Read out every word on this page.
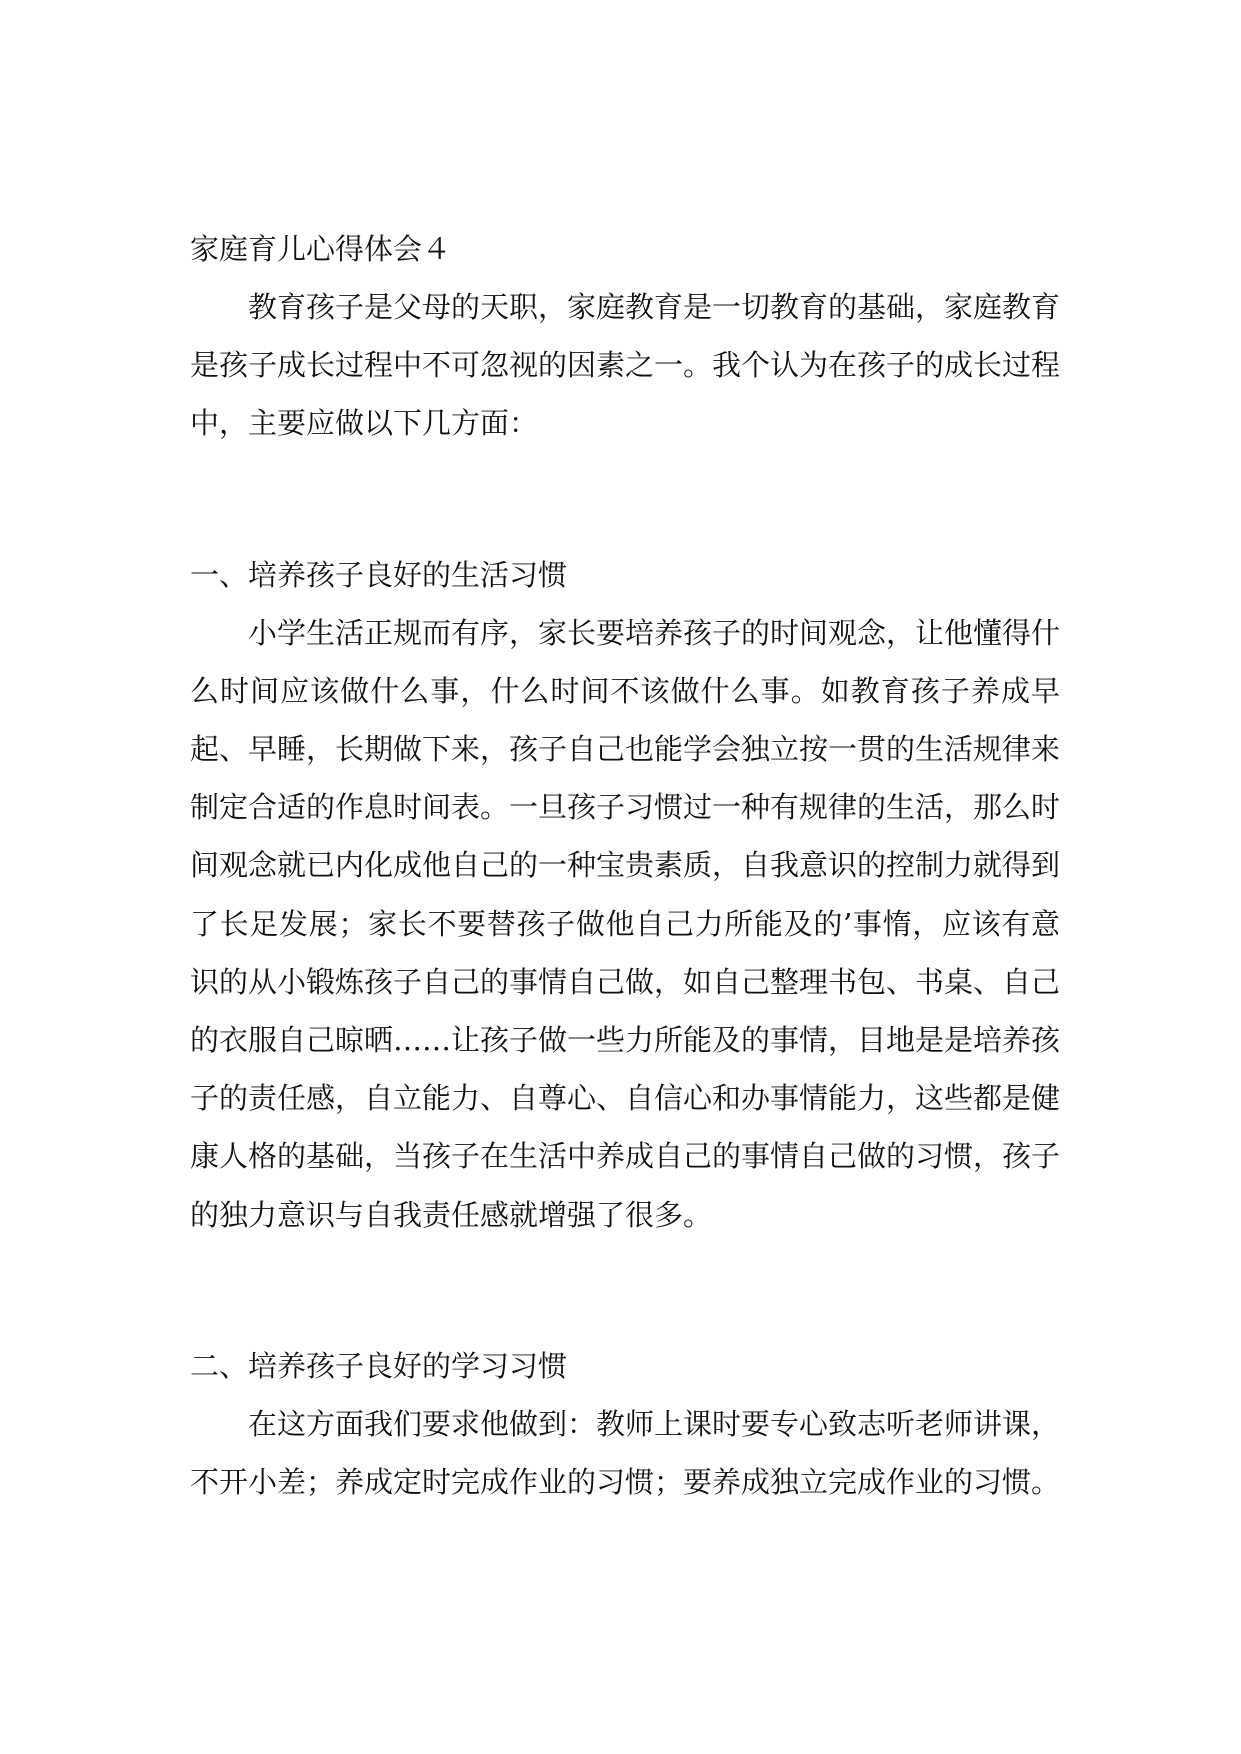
家庭育儿心得体会４

教育孩子是父母的天职，家庭教育是一切教育的基础，家庭教育是孩子成长过程中不可忽视的因素之一。我个认为在孩子的成长过程中，主要应做以下几方面：

一、培养孩子良好的生活习惯

小学生活正规而有序，家长要培养孩子的时间观念，让他懂得什么时间应该做什么事，什么时间不该做什么事。如教育孩子养成早起、早睡，长期做下来，孩子自己也能学会独立按一贯的生活规律来制定合适的作息时间表。一旦孩子习惯过一种有规律的生活，那么时间观念就已内化成他自己的一种宝贵素质，自我意识的控制力就得到了长足发展；家长不要替孩子做他自己力所能及的’事惰，应该有意识的从小锻炼孩子自己的事情自己做，如自己整理书包、书桌、自己的衣服自己晾晒……让孩子做一些力所能及的事情，目地是是培养孩子的责任感，自立能力、自尊心、自信心和办事情能力，这些都是健康人格的基础，当孩子在生活中养成自己的事情自己做的习惯，孩子的独力意识与自我责任感就增强了很多。

二、培养孩子良好的学习习惯

在这方面我们要求他做到：教师上课时要专心致志听老师讲课，不开小差；养成定时完成作业的习惯；要养成独立完成作业的习惯。
